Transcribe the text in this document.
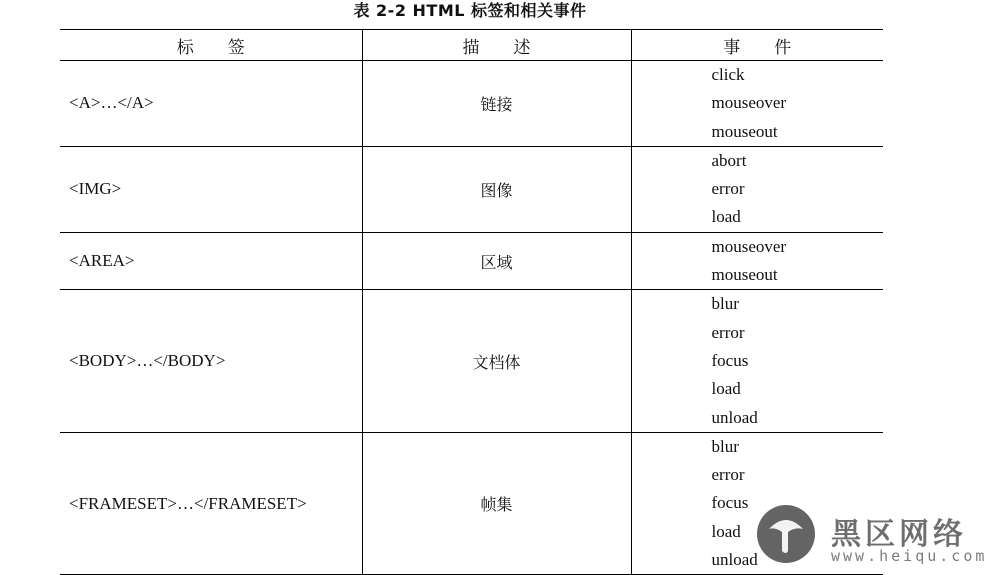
表 2-2 HTML 标签和相关事件
标　　签	描　　述	事　　件
<A>…</A>	链接	click
mouseover
mouseout

<IMG>	图像	abort
error
load

<AREA>	区域	mouseover
mouseout

<BODY>…</BODY>	文档体	blur
error
focus
load
unload

<FRAMESET>…</FRAMESET>	帧集	blur
error
focus
load
unload
黑区网络
www.heiqu.com
